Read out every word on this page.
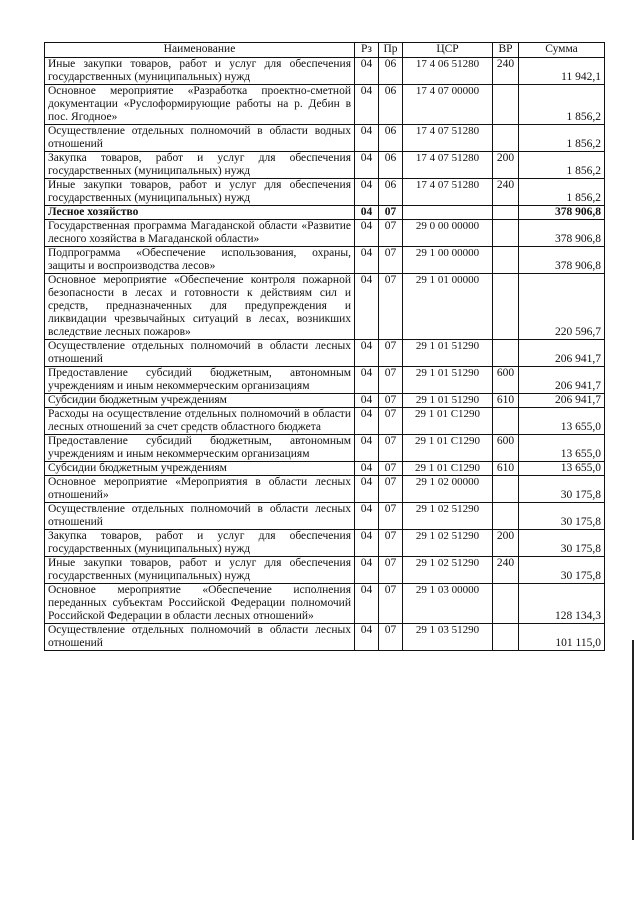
Наименование	Рз	Пр	ЦСР	ВР	Сумма
Иные закупки товаров, работ и услуг для обеспечения государственных (муниципальных) нужд	04	06	17 4 06 51280	240	11 942,1
Основное мероприятие «Разработка проектно-сметной документации «Руслоформирующие работы на р. Дебин в пос. Ягодное»	04	06	17 4 07 00000		1 856,2
Осуществление отдельных полномочий в области водных отношений	04	06	17 4 07 51280		1 856,2
Закупка товаров, работ и услуг для обеспечения государственных (муниципальных) нужд	04	06	17 4 07 51280	200	1 856,2
Иные закупки товаров, работ и услуг для обеспечения государственных (муниципальных) нужд	04	06	17 4 07 51280	240	1 856,2
Лесное хозяйство	04	07			378 906,8
Государственная программа Магаданской области «Развитие лесного хозяйства в Магаданской области»	04	07	29 0 00 00000		378 906,8
Подпрограмма «Обеспечение использования, охраны, защиты и воспроизводства лесов»	04	07	29 1 00 00000		378 906,8
Основное мероприятие «Обеспечение контроля пожарной безопасности в лесах и готовности к действиям сил и средств, предназначенных для предупреждения и ликвидации чрезвычайных ситуаций в лесах, возникших вследствие лесных пожаров»	04	07	29 1 01 00000		220 596,7
Осуществление отдельных полномочий в области лесных отношений	04	07	29 1 01 51290		206 941,7
Предоставление субсидий бюджетным, автономным учреждениям и иным некоммерческим организациям	04	07	29 1 01 51290	600	206 941,7
Субсидии бюджетным учреждениям	04	07	29 1 01 51290	610	206 941,7
Расходы на осуществление отдельных полномочий в области лесных отношений за счет средств областного бюджета	04	07	29 1 01 С1290		13 655,0
Предоставление субсидий бюджетным, автономным учреждениям и иным некоммерческим организациям	04	07	29 1 01 С1290	600	13 655,0
Субсидии бюджетным учреждениям	04	07	29 1 01 С1290	610	13 655,0
Основное мероприятие «Мероприятия в области лесных отношений»	04	07	29 1 02 00000		30 175,8
Осуществление отдельных полномочий в области лесных отношений	04	07	29 1 02 51290		30 175,8
Закупка товаров, работ и услуг для обеспечения государственных (муниципальных) нужд	04	07	29 1 02 51290	200	30 175,8
Иные закупки товаров, работ и услуг для обеспечения государственных (муниципальных) нужд	04	07	29 1 02 51290	240	30 175,8
Основное мероприятие «Обеспечение исполнения переданных субъектам Российской Федерации полномочий Российской Федерации в области лесных отношений»	04	07	29 1 03 00000		128 134,3
Осуществление отдельных полномочий в области лесных отношений	04	07	29 1 03 51290		101 115,0
